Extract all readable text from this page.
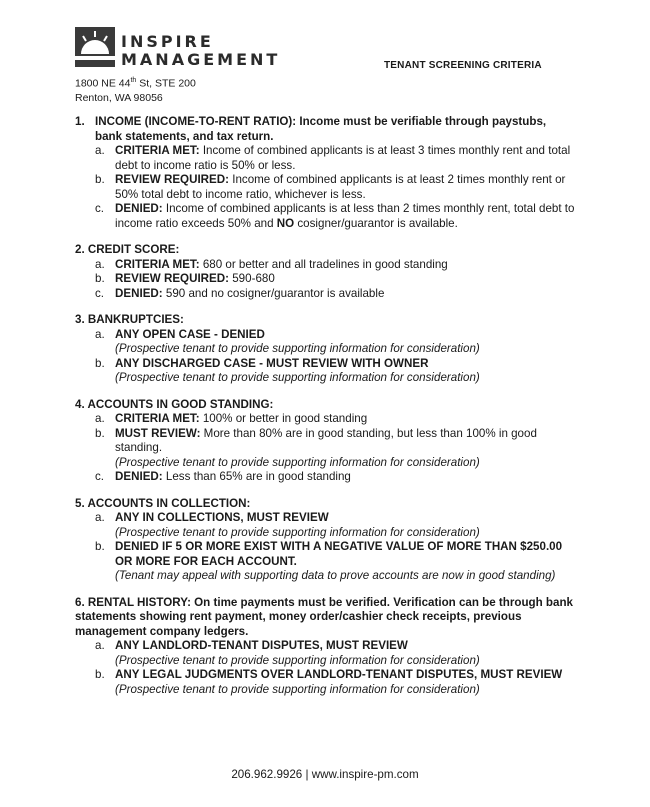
INSPIRE
MANAGEMENT
1800 NE 44th St, STE 200
Renton, WA 98056
TENANT SCREENING CRITERIA
1. INCOME (INCOME-TO-RENT RATIO): Income must be verifiable through paystubs, bank statements, and tax return.
a. CRITERIA MET: Income of combined applicants is at least 3 times monthly rent and total debt to income ratio is 50% or less.
b. REVIEW REQUIRED: Income of combined applicants is at least 2 times monthly rent or 50% total debt to income ratio, whichever is less.
c. DENIED: Income of combined applicants is at less than 2 times monthly rent, total debt to income ratio exceeds 50% and NO cosigner/guarantor is available.
2. CREDIT SCORE:
a. CRITERIA MET: 680 or better and all tradelines in good standing
b. REVIEW REQUIRED: 590-680
c. DENIED: 590 and no cosigner/guarantor is available
3. BANKRUPTCIES:
a. ANY OPEN CASE - DENIED
(Prospective tenant to provide supporting information for consideration)
b. ANY DISCHARGED CASE - MUST REVIEW WITH OWNER
(Prospective tenant to provide supporting information for consideration)
4. ACCOUNTS IN GOOD STANDING:
a. CRITERIA MET: 100% or better in good standing
b. MUST REVIEW: More than 80% are in good standing, but less than 100% in good standing.
(Prospective tenant to provide supporting information for consideration)
c. DENIED: Less than 65% are in good standing
5. ACCOUNTS IN COLLECTION:
a. ANY IN COLLECTIONS, MUST REVIEW
(Prospective tenant to provide supporting information for consideration)
b. DENIED IF 5 OR MORE EXIST WITH A NEGATIVE VALUE OF MORE THAN $250.00 OR MORE FOR EACH ACCOUNT.
(Tenant may appeal with supporting data to prove accounts are now in good standing)
6. RENTAL HISTORY: On time payments must be verified. Verification can be through bank statements showing rent payment, money order/cashier check receipts, previous management company ledgers.
a. ANY LANDLORD-TENANT DISPUTES, MUST REVIEW
(Prospective tenant to provide supporting information for consideration)
b. ANY LEGAL JUDGMENTS OVER LANDLORD-TENANT DISPUTES, MUST REVIEW
(Prospective tenant to provide supporting information for consideration)
206.962.9926 | www.inspire-pm.com
